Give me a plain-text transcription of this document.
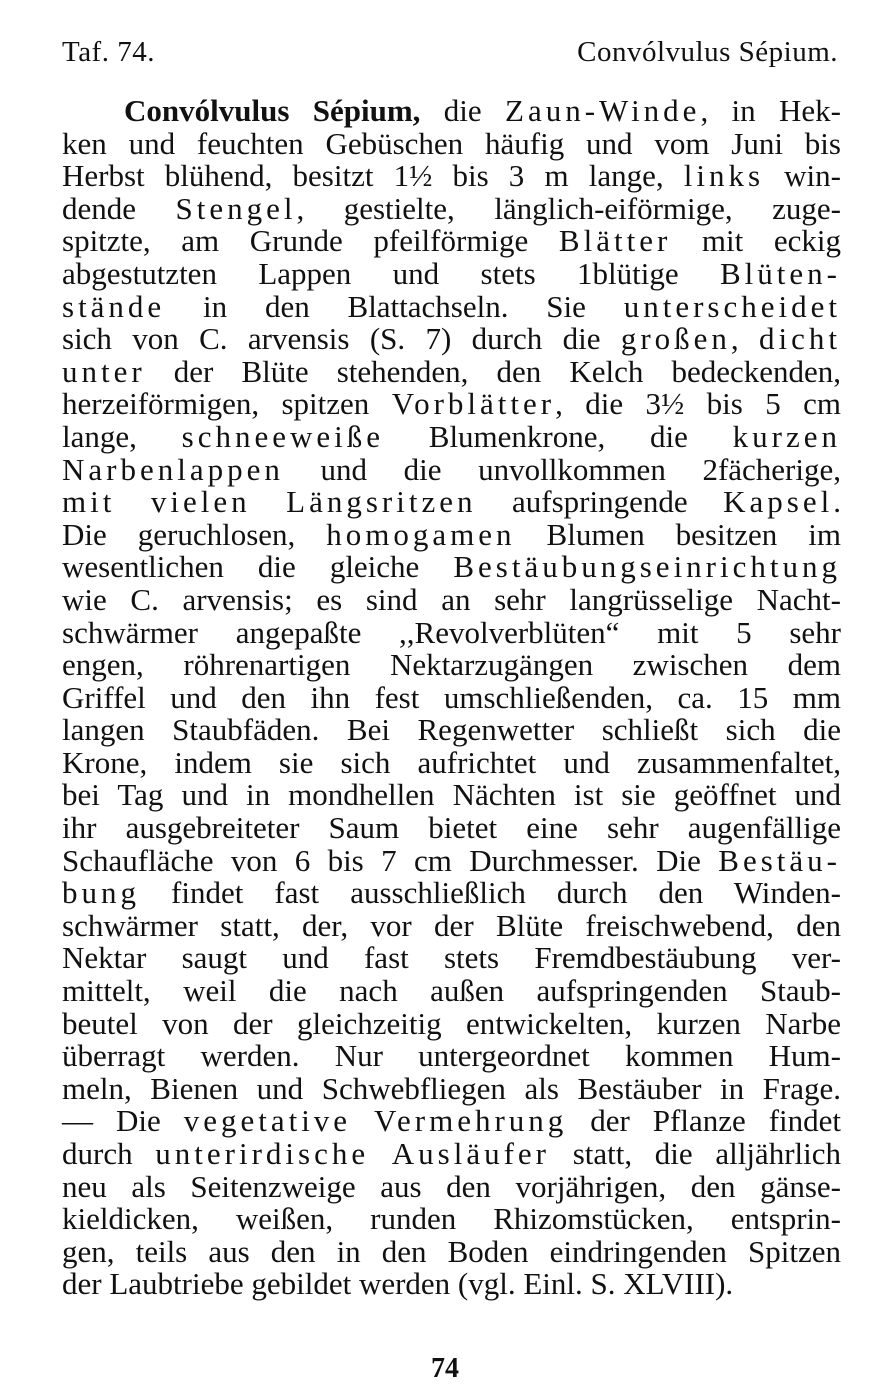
Taf. 74.	Convólvulus Sépium.
Convólvulus Sépium, die Zaun-Winde, in Hek-
ken und feuchten Gebüschen häufig und vom Juni bis
Herbst blühend, besitzt 1½ bis 3 m lange, links win-
dende Stengel, gestielte, länglich-eiförmige, zuge-
spitzte, am Grunde pfeilförmige Blätter mit eckig
abgestutzten Lappen und stets 1blütige Blüten-
stände in den Blattachseln. Sie unterscheidet
sich von C. arvensis (S. 7) durch die großen, dicht
unter der Blüte stehenden, den Kelch bedeckenden,
herzeiförmigen, spitzen Vorblätter, die 3½ bis 5 cm
lange, schneeweiße Blumenkrone, die kurzen
Narbenlappen und die unvollkommen 2fächerige,
mit vielen Längsritzen aufspringende Kapsel.
Die geruchlosen, homogamen Blumen besitzen im
wesentlichen die gleiche Bestäubungseinrichtung
wie C. arvensis; es sind an sehr langrüsselige Nacht-
schwärmer angepaßte ,,Revolverblüten“ mit 5 sehr
engen, röhrenartigen Nektarzugängen zwischen dem
Griffel und den ihn fest umschließenden, ca. 15 mm
langen Staubfäden. Bei Regenwetter schließt sich die
Krone, indem sie sich aufrichtet und zusammenfaltet,
bei Tag und in mondhellen Nächten ist sie geöffnet und
ihr ausgebreiteter Saum bietet eine sehr augenfällige
Schaufläche von 6 bis 7 cm Durchmesser. Die Bestäu-
bung findet fast ausschließlich durch den Winden-
schwärmer statt, der, vor der Blüte freischwebend, den
Nektar saugt und fast stets Fremdbestäubung ver-
mittelt, weil die nach außen aufspringenden Staub-
beutel von der gleichzeitig entwickelten, kurzen Narbe
überragt werden. Nur untergeordnet kommen Hum-
meln, Bienen und Schwebfliegen als Bestäuber in Frage.
— Die vegetative Vermehrung der Pflanze findet
durch unterirdische Ausläufer statt, die alljährlich
neu als Seitenzweige aus den vorjährigen, den gänse-
kieldicken, weißen, runden Rhizomstücken, entsprin-
gen, teils aus den in den Boden eindringenden Spitzen
der Laubtriebe gebildet werden (vgl. Einl. S. XLVIII).
74
